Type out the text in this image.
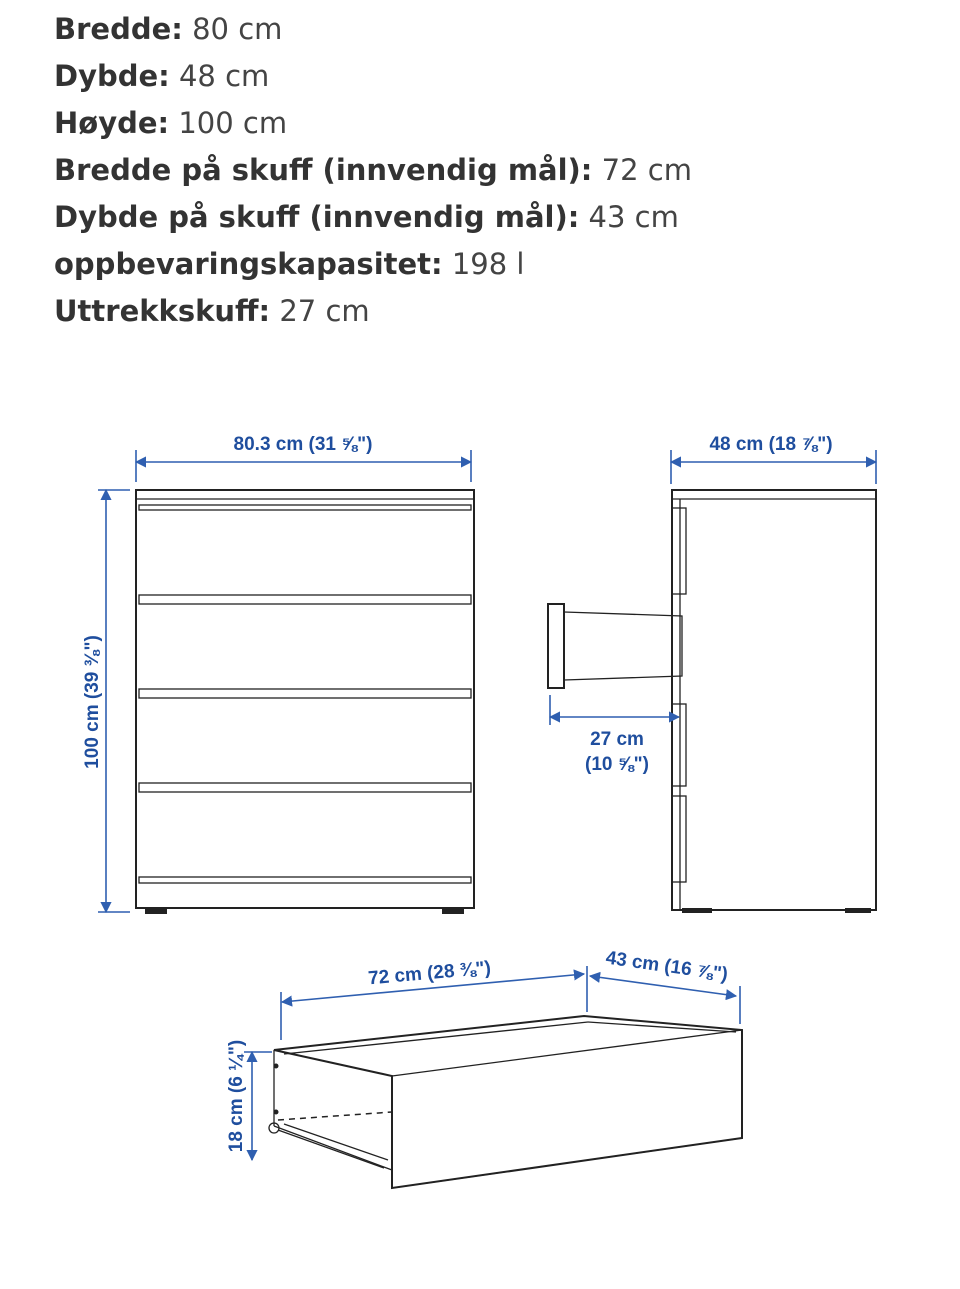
Bredde: 80 cm
Dybde: 48 cm
Høyde: 100 cm
Bredde på skuff (innvendig mål): 72 cm
Dybde på skuff (innvendig mål): 43 cm
oppbevaringskapasitet: 198 l
Uttrekkskuff: 27 cm
80.3 cm (31 ⅝")
100 cm (39 ⅜")
48 cm (18 ⅞")
27 cm
(10 ⅝")
72 cm (28 ⅜")	43 cm (16 ⅞")
18 cm (6 ¼")
